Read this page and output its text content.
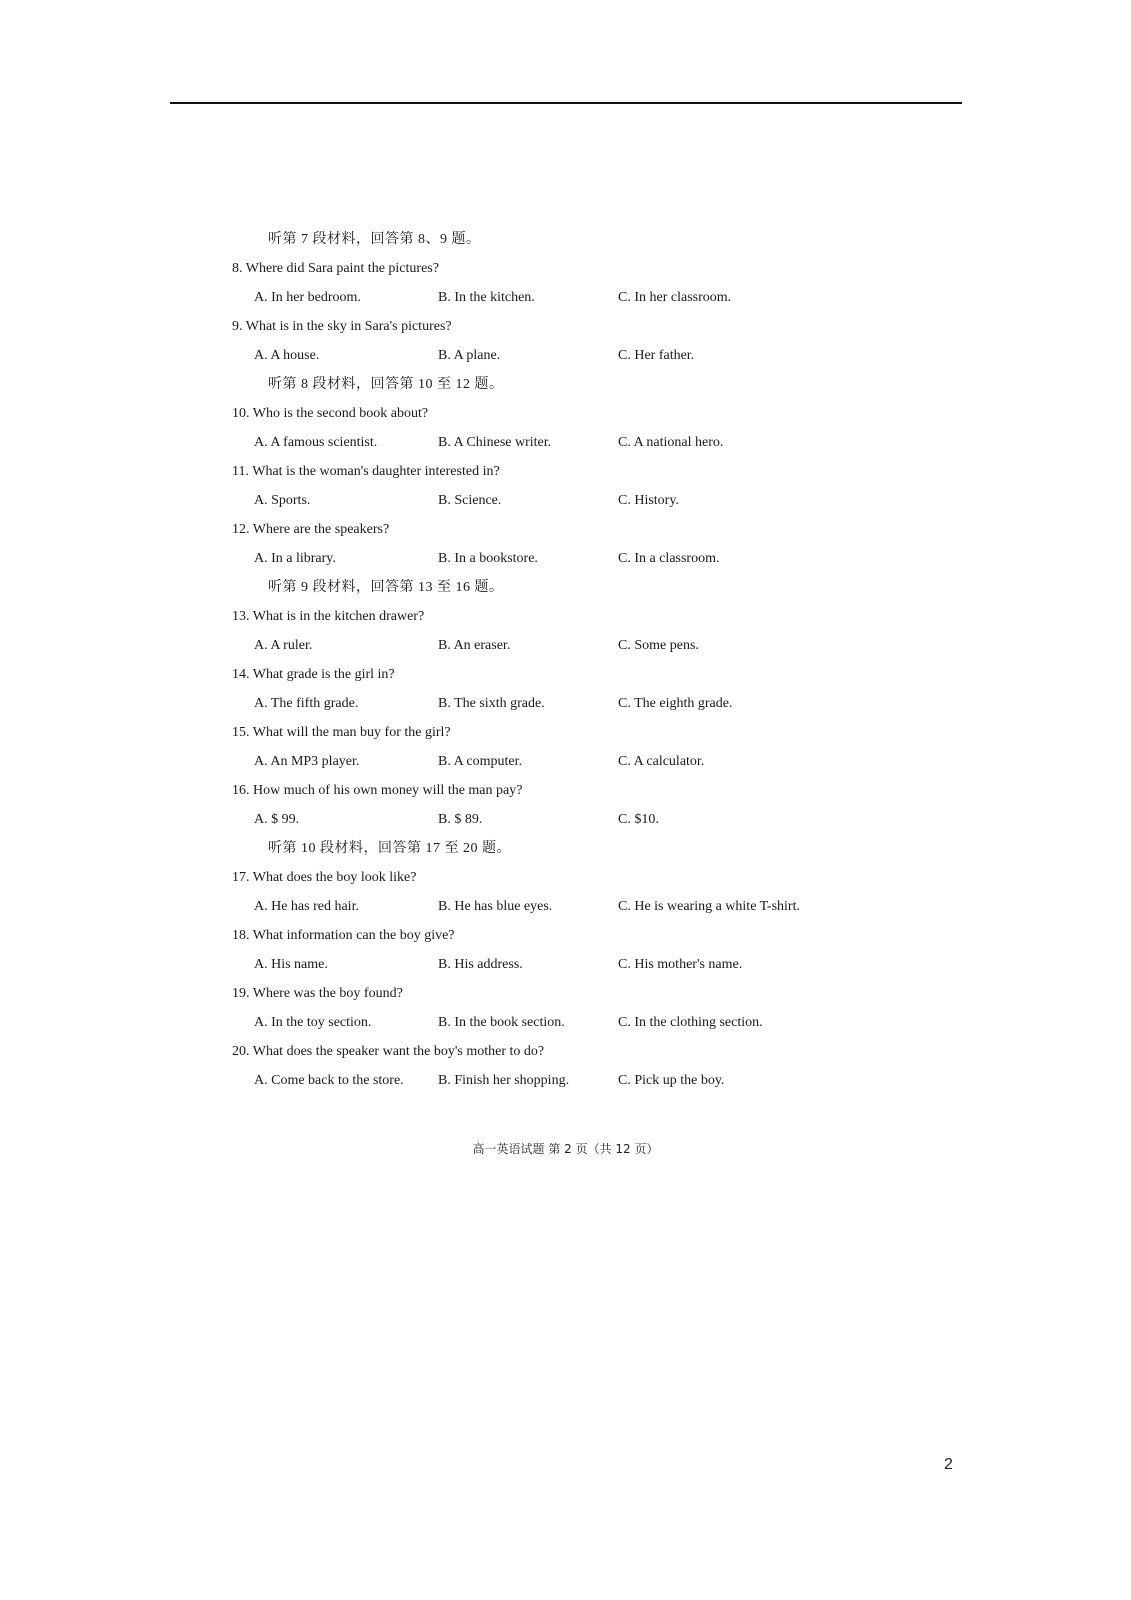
听第 7 段材料，回答第 8、9 题。
8. Where did Sara paint the pictures?
A. In her bedroom.	B. In the kitchen.	C. In her classroom.
9. What is in the sky in Sara's pictures?
A. A house.	B. A plane.	C. Her father.
听第 8 段材料，回答第 10 至 12 题。
10. Who is the second book about?
A. A famous scientist.	B. A Chinese writer.	C. A national hero.
11. What is the woman's daughter interested in?
A. Sports.	B. Science.	C. History.
12. Where are the speakers?
A. In a library.	B. In a bookstore.	C. In a classroom.
听第 9 段材料，回答第 13 至 16 题。
13. What is in the kitchen drawer?
A. A ruler.	B. An eraser.	C. Some pens.
14. What grade is the girl in?
A. The fifth grade.	B. The sixth grade.	C. The eighth grade.
15. What will the man buy for the girl?
A. An MP3 player.	B. A computer.	C. A calculator.
16. How much of his own money will the man pay?
A. $ 99.	B. $ 89.	C. $10.
听第 10 段材料，回答第 17 至 20 题。
17. What does the boy look like?
A. He has red hair.	B. He has blue eyes.	C. He is wearing a white T-shirt.
18. What information can the boy give?
A. His name.	B. His address.	C. His mother's name.
19. Where was the boy found?
A. In the toy section.	B. In the book section.	C. In the clothing section.
20. What does the speaker want the boy's mother to do?
A. Come back to the store. B. Finish her shopping.	C. Pick up the boy.
高一英语试题 第 2 页（共 12 页）
2
